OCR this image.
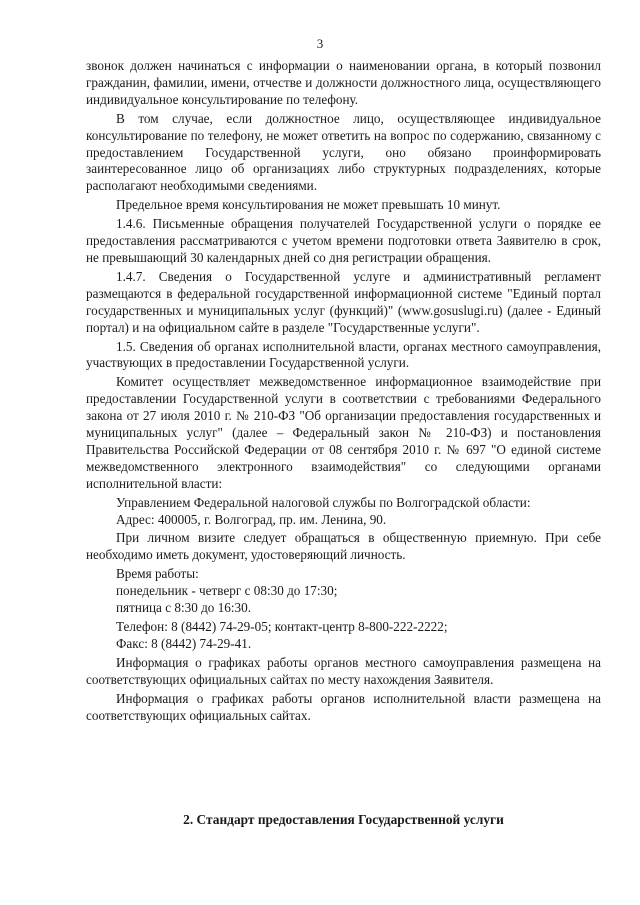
3

звонок должен начинаться с информации о наименовании органа, в который позвонил гражданин, фамилии, имени, отчестве и должности должностного лица, осуществляющего индивидуальное консультирование по телефону.

В том случае, если должностное лицо, осуществляющее индивидуальное консультирование по телефону, не может ответить на вопрос по содержанию, связанному с предоставлением Государственной услуги, оно обязано проинформировать заинтересованное лицо об организациях либо структурных подразделениях, которые располагают необходимыми сведениями.

Предельное время консультирования не может превышать 10 минут.

1.4.6. Письменные обращения получателей Государственной услуги о порядке ее предоставления рассматриваются с учетом времени подготовки ответа Заявителю в срок, не превышающий 30 календарных дней со дня регистрации обращения.

1.4.7. Сведения о Государственной услуге и административный регламент размещаются в федеральной государственной информационной системе "Единый портал государственных и муниципальных услуг (функций)" (www.gosuslugi.ru) (далее - Единый портал) и на официальном сайте в разделе "Государственные услуги".

1.5. Сведения об органах исполнительной власти, органах местного самоуправления, участвующих в предоставлении Государственной услуги.

Комитет осуществляет межведомственное информационное взаимодействие при предоставлении Государственной услуги в соответствии с требованиями Федерального закона от 27 июля 2010 г. № 210-ФЗ "Об организации предоставления государственных и муниципальных услуг" (далее – Федеральный закон № 210-ФЗ) и постановления Правительства Российской Федерации от 08 сентября 2010 г. № 697 "О единой системе межведомственного электронного взаимодействия" со следующими органами исполнительной власти:

Управлением Федеральной налоговой службы по Волгоградской области:

Адрес: 400005, г. Волгоград, пр. им. Ленина, 90.

При личном визите следует обращаться в общественную приемную. При себе необходимо иметь документ, удостоверяющий личность.

Время работы:

понедельник - четверг с 08:30 до 17:30;

пятница с 8:30 до 16:30.

Телефон: 8 (8442) 74-29-05; контакт-центр 8-800-222-2222;

Факс: 8 (8442) 74-29-41.

Информация о графиках работы органов местного самоуправления размещена на соответствующих официальных сайтах по месту нахождения Заявителя.

Информация о графиках работы органов исполнительной власти размещена на соответствующих официальных сайтах.

2. Стандарт предоставления Государственной услуги
